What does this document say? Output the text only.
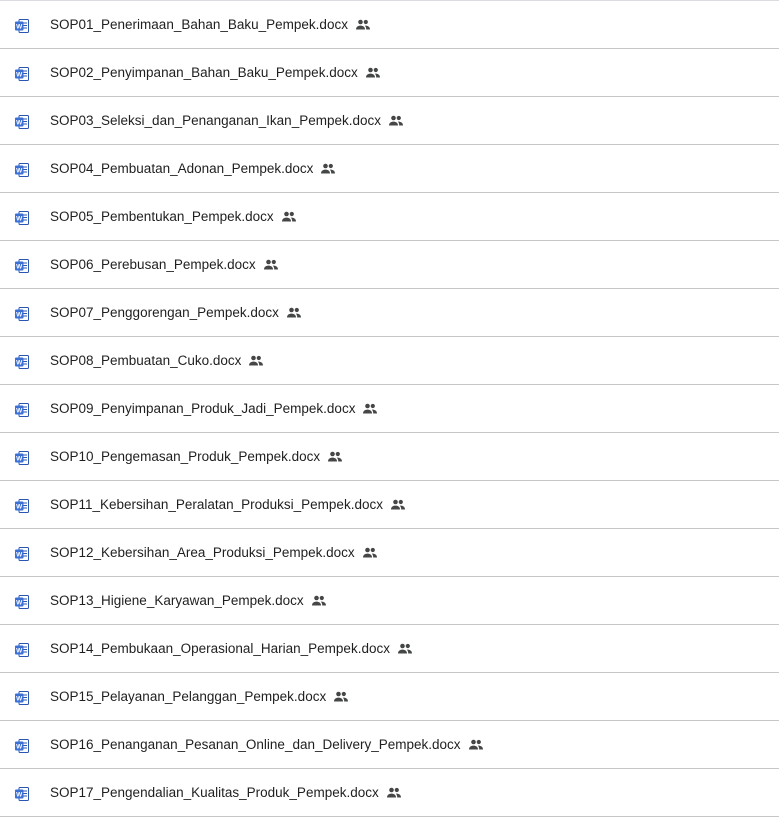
W SOP01_Penerimaan_Bahan_Baku_Pempek.docx
W SOP02_Penyimpanan_Bahan_Baku_Pempek.docx
W SOP03_Seleksi_dan_Penanganan_Ikan_Pempek.docx
W SOP04_Pembuatan_Adonan_Pempek.docx
W SOP05_Pembentukan_Pempek.docx
W SOP06_Perebusan_Pempek.docx
W SOP07_Penggorengan_Pempek.docx
W SOP08_Pembuatan_Cuko.docx
W SOP09_Penyimpanan_Produk_Jadi_Pempek.docx
W SOP10_Pengemasan_Produk_Pempek.docx
W SOP11_Kebersihan_Peralatan_Produksi_Pempek.docx
W SOP12_Kebersihan_Area_Produksi_Pempek.docx
W SOP13_Higiene_Karyawan_Pempek.docx
W SOP14_Pembukaan_Operasional_Harian_Pempek.docx
W SOP15_Pelayanan_Pelanggan_Pempek.docx
W SOP16_Penanganan_Pesanan_Online_dan_Delivery_Pempek.docx
W SOP17_Pengendalian_Kualitas_Produk_Pempek.docx
